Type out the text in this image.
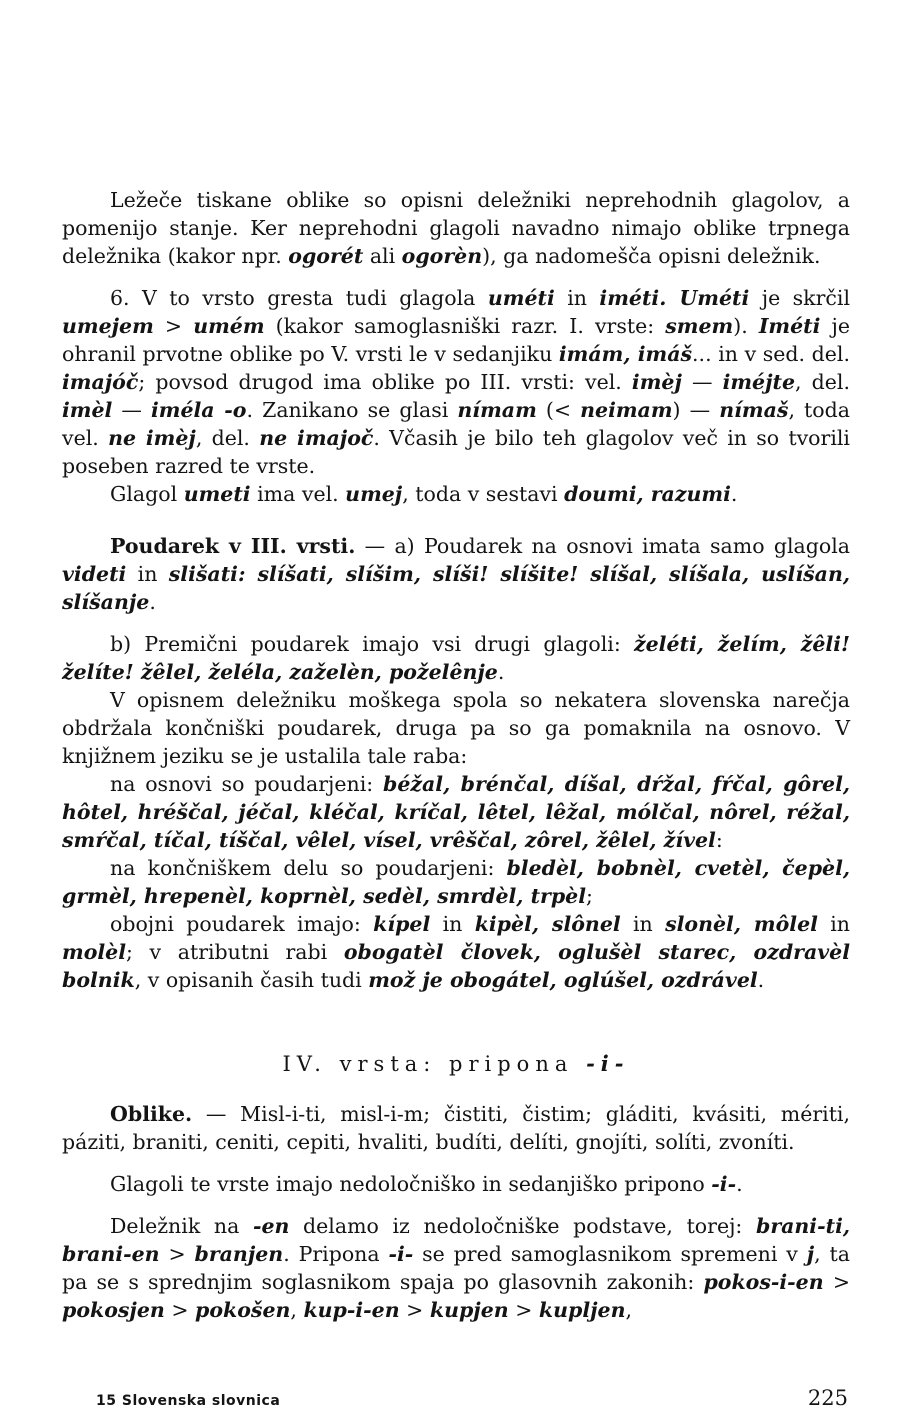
Ležeče tiskane oblike so opisni deležniki neprehodnih glagolov, a pomenijo stanje. Ker neprehodni glagoli navadno nimajo oblike trpnega deležnika (kakor npr. ogorét ali ogorèn), ga nadomešča opisni deležnik.

6. V to vrsto gresta tudi glagola uméti in iméti. Uméti je skrčil umejem > umém (kakor samoglasniški razr. I. vrste: smem). Iméti je ohranil prvotne oblike po V. vrsti le v sedanjiku imám, imáš... in v sed. del. imajóč; povsod drugod ima oblike po III. vrsti: vel. imèj — iméjte, del. imèl — iméla -o. Zanikano se glasi nímam (< neimam) — nímaš, toda vel. ne imèj, del. ne imajoč. Včasih je bilo teh glagolov več in so tvorili poseben razred te vrste.

Glagol umeti ima vel. umej, toda v sestavi doumi, razumi.

Poudarek v III. vrsti. — a) Poudarek na osnovi imata samo glagola videti in slišati: slíšati, slíšim, slíši! slíšite! slíšal, slíšala, uslíšan, slíšanje.

b) Premični poudarek imajo vsi drugi glagoli: želéti, želím, žêli! želíte! žêlel, želéla, zaželèn, poželênje.

V opisnem deležniku moškega spola so nekatera slovenska narečja obdržala končniški poudarek, druga pa so ga pomaknila na osnovo. V knjižnem jeziku se je ustalila tale raba:

na osnovi so poudarjeni: béžal, brénčal, díšal, dŕžal, fŕčal, gôrel, hôtel, hréščal, jéčal, kléčal, kríčal, lêtel, lêžal, mólčal, nôrel, réžal, smŕčal, tíčal, tíščal, vêlel, vísel, vrêščal, zôrel, žêlel, žível:

na končniškem delu so poudarjeni: bledèl, bobnèl, cvetèl, čepèl, grmèl, hrepenèl, koprnèl, sedèl, smrdèl, trpèl;

obojni poudarek imajo: kípel in kipèl, slônel in slonèl, môlel in molèl; v atributni rabi obogatèl človek, oglušèl starec, ozdravèl bolnik, v opisanih časih tudi mož je obogátel, oglúšel, ozdrável.

IV. vrsta: pripona -i-

Oblike. — Misl-i-ti, misl-i-m; čistiti, čistim; gláditi, kvásiti, mériti, páziti, braniti, ceniti, cepiti, hvaliti, budíti, delíti, gnojíti, solíti, zvoníti.

Glagoli te vrste imajo nedoločniško in sedanjiško pripono -i-.

Deležnik na -en delamo iz nedoločniške podstave, torej: brani-ti, brani-en > branjen. Pripona -i- se pred samoglasnikom spremeni v j, ta pa se s sprednjim soglasnikom spaja po glasovnih zakonih: pokos-i-en > pokosjen > pokošen, kup-i-en > kupjen > kupljen,

15 Slovenska slovnica	225
